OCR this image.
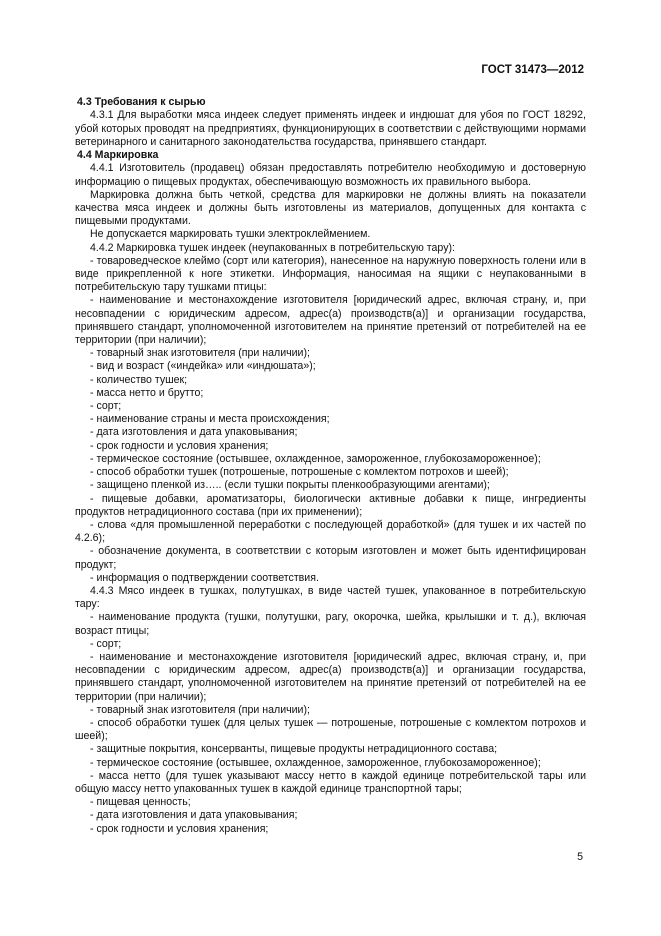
ГОСТ 31473—2012
4.3 Требования к сырью

4.3.1 Для выработки мяса индеек следует применять индеек и индюшат для убоя по ГОСТ 18292, убой которых проводят на предприятиях, функционирующих в соответствии с действующими нормами ветеринарного и санитарного законодательства государства, принявшего стандарт.

4.4 Маркировка

4.4.1 Изготовитель (продавец) обязан предоставлять потребителю необходимую и достоверную информацию о пищевых продуктах, обеспечивающую возможность их правильного выбора.

Маркировка должна быть четкой, средства для маркировки не должны влиять на показатели качества мяса индеек и должны быть изготовлены из материалов, допущенных для контакта с пищевыми продуктами.

Не допускается маркировать тушки электроклеймением.

4.4.2 Маркировка тушек индеек (неупакованных в потребительскую тару):

- товароведческое клеймо (сорт или категория), нанесенное на наружную поверхность голени или в виде прикрепленной к ноге этикетки. Информация, наносимая на ящики с неупакованными в потребительскую тару тушками птицы:

- наименование и местонахождение изготовителя [юридический адрес, включая страну, и, при несовпадении с юридическим адресом, адрес(а) производств(а)] и организации государства, принявшего стандарт, уполномоченной изготовителем на принятие претензий от потребителей на ее территории (при наличии);

- товарный знак изготовителя (при наличии);

- вид и возраст («индейка» или «индюшата»);

- количество тушек;

- масса нетто и брутто;

- сорт;

- наименование страны и места происхождения;

- дата изготовления и дата упаковывания;

- срок годности и условия хранения;

- термическое состояние (остывшее, охлажденное, замороженное, глубокозамороженное);

- способ обработки тушек (потрошеные, потрошеные с комлектом потрохов и шеей);

- защищено пленкой из….. (если тушки покрыты пленкообразующими агентами);

- пищевые добавки, ароматизаторы, биологически активные добавки к пище, ингредиенты продуктов нетрадиционного состава (при их применении);

- слова «для промышленной переработки с последующей доработкой» (для тушек и их частей по 4.2.6);

- обозначение документа, в соответствии с которым изготовлен и может быть идентифицирован продукт;

- информация о подтверждении соответствия.

4.4.3 Мясо индеек в тушках, полутушках, в виде частей тушек, упакованное в потребительскую тару:

- наименование продукта (тушки, полутушки, рагу, окорочка, шейка, крылышки и т. д.), включая возраст птицы;

- сорт;

- наименование и местонахождение изготовителя [юридический адрес, включая страну, и, при несовпадении с юридическим адресом, адрес(а) производств(а)] и организации государства, принявшего стандарт, уполномоченной изготовителем на принятие претензий от потребителей на ее территории (при наличии);

- товарный знак изготовителя (при наличии);

- способ обработки тушек (для целых тушек — потрошеные, потрошеные с комлектом потрохов и шеей);

- защитные покрытия, консерванты, пищевые продукты нетрадиционного состава;

- термическое состояние (остывшее, охлажденное, замороженное, глубокозамороженное);

- масса нетто (для тушек указывают массу нетто в каждой единице потребительской тары или общую массу нетто упакованных тушек в каждой единице транспортной тары;

- пищевая ценность;

- дата изготовления и дата упаковывания;

- срок годности и условия хранения;

5
